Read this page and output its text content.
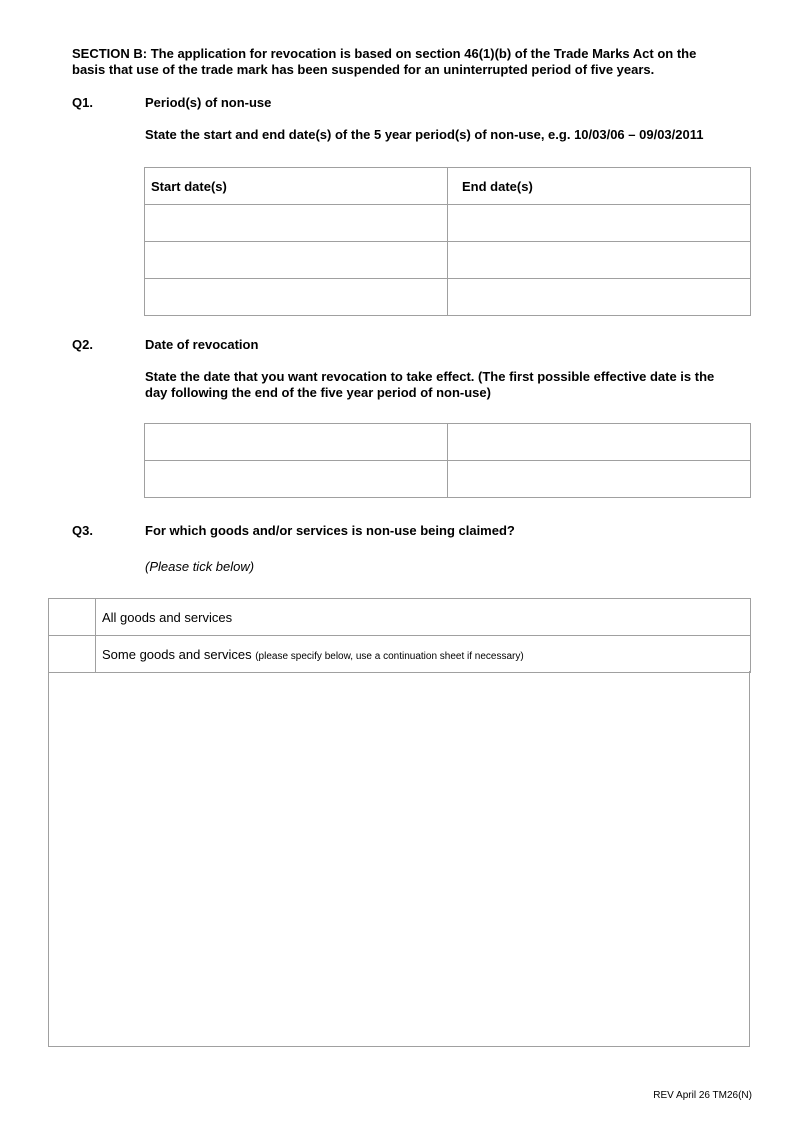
SECTION B: The application for revocation is based on section 46(1)(b) of the Trade Marks Act on the
basis that use of the trade mark has been suspended for an uninterrupted period of five years.
Q1.	Period(s) of non-use
State the start and end date(s) of the 5 year period(s) of non-use, e.g. 10/03/06 – 09/03/2011
Start date(s)	End date(s)

Q2.	Date of revocation
State the date that you want revocation to take effect. (The first possible effective date is the
day following the end of the five year period of non-use)

Q3.	For which goods and/or services is non-use being claimed?
(Please tick below)
	All goods and services
	Some goods and services (please specify below, use a continuation sheet if necessary)
REV April 26 TM26(N)
